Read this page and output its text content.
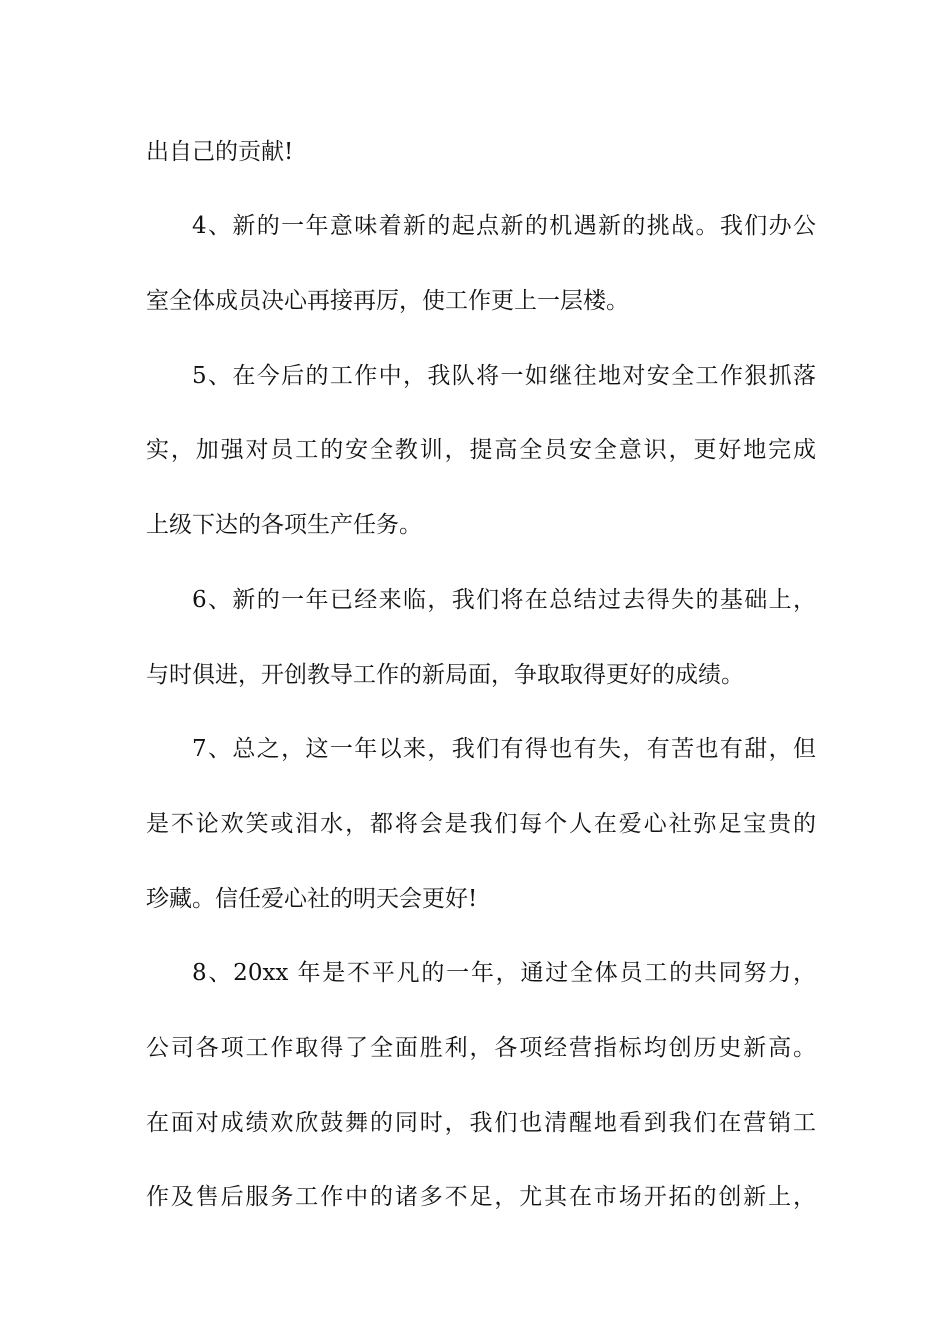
出自己的贡献!
4、新的一年意味着新的起点新的机遇新的挑战。我们办公
室全体成员决心再接再厉，使工作更上一层楼。
5、在今后的工作中，我队将一如继往地对安全工作狠抓落
实，加强对员工的安全教训，提高全员安全意识，更好地完成
上级下达的各项生产任务。
6、新的一年已经来临，我们将在总结过去得失的基础上，
与时俱进，开创教导工作的新局面，争取取得更好的成绩。
7、总之，这一年以来，我们有得也有失，有苦也有甜，但
是不论欢笑或泪水，都将会是我们每个人在爱心社弥足宝贵的
珍藏。信任爱心社的明天会更好!
8、20xx 年是不平凡的一年，通过全体员工的共同努力，
公司各项工作取得了全面胜利，各项经营指标均创历史新高。
在面对成绩欢欣鼓舞的同时，我们也清醒地看到我们在营销工
作及售后服务工作中的诸多不足，尤其在市场开拓的创新上，
